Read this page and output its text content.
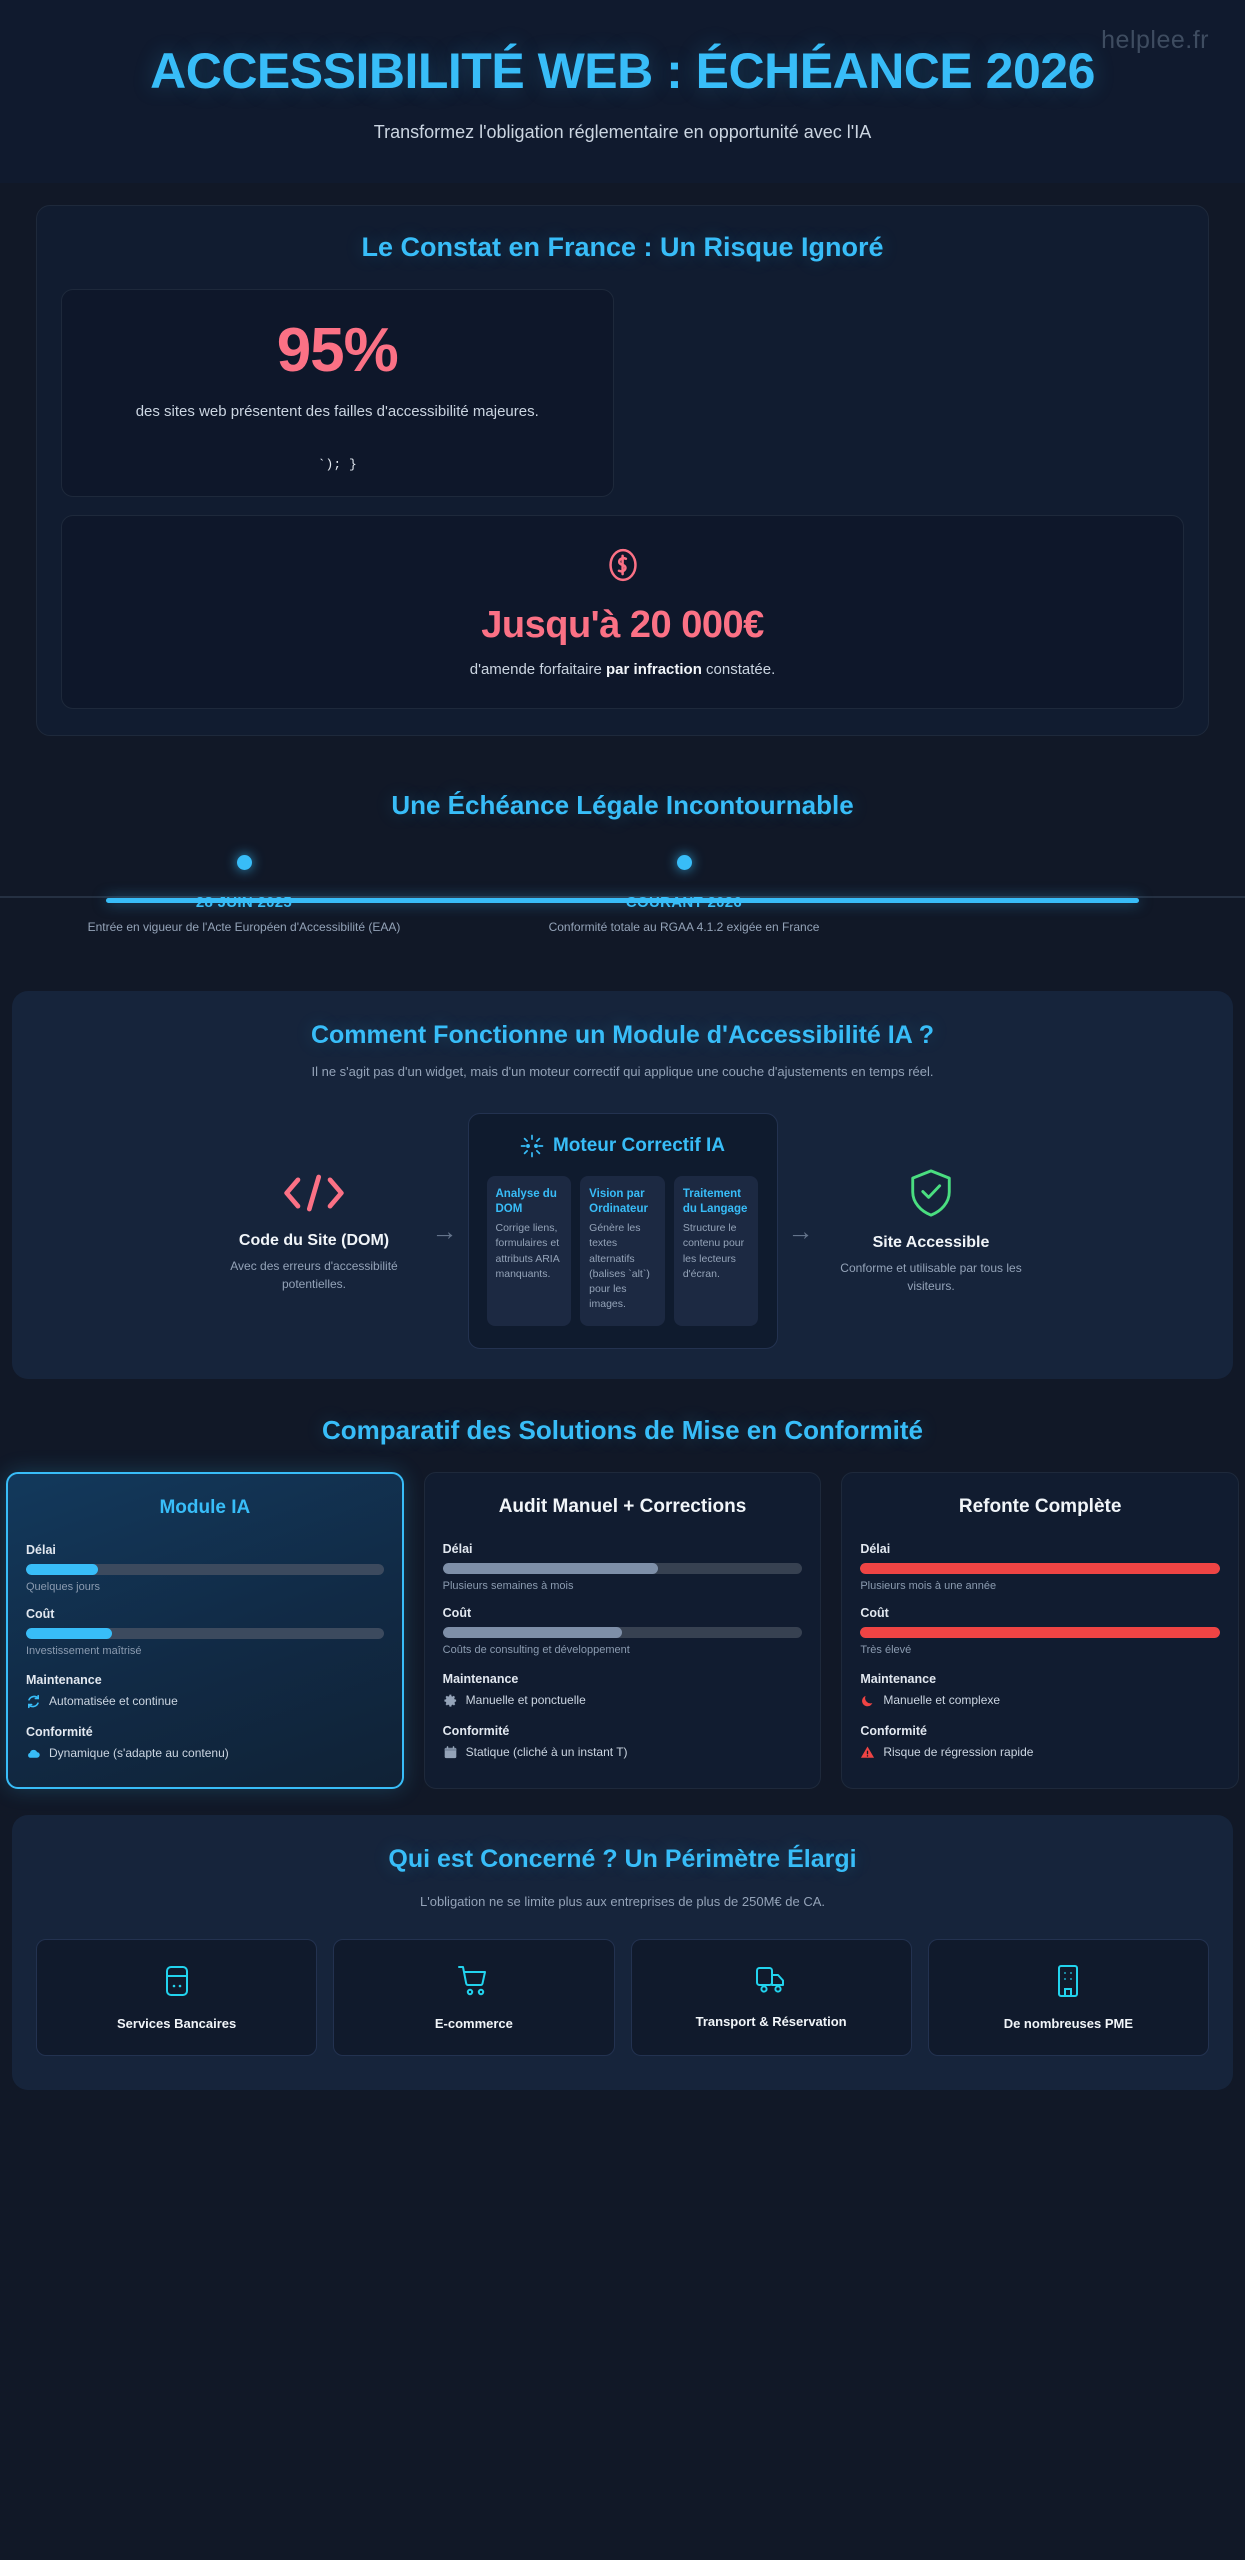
helplee.fr
ACCESSIBILITÉ WEB : ÉCHÉANCE 2026

Transformez l'obligation réglementaire en opportunité avec l'IA

Le Constat en France : Un Risque Ignoré
95%
des sites web présentent des failles d'accessibilité majeures.
`); }
Jusqu'à 20 000€
d'amende forfaitaire par infraction constatée.
Une Échéance Légale Incontournable
28 JUIN 2025
Entrée en vigueur de l'Acte Européen d'Accessibilité (EAA)
COURANT 2026
Conformité totale au RGAA 4.1.2 exigée en France
Comment Fonctionne un Module d'Accessibilité IA ?

Il ne s'agit pas d'un widget, mais d'un moteur correctif qui applique une couche d'ajustements en temps réel.

Code du Site (DOM)

Avec des erreurs d'accessibilité potentielles.

→
Moteur Correctif IA
Analyse du DOM

Corrige liens, formulaires et attributs ARIA manquants.

Vision par Ordinateur

Génère les textes alternatifs (balises `alt`) pour les images.

Traitement du Langage

Structure le contenu pour les lecteurs d'écran.

→	Site Accessible

Conforme et utilisable par tous les visiteurs.

Comparatif des Solutions de Mise en Conformité
Module IA
Délai
Quelques jours
Coût
Investissement maîtrisé
Maintenance
Automatisée et continue
Conformité
Dynamique (s'adapte au contenu)
Audit Manuel + Corrections
Délai
Plusieurs semaines à mois
Coût
Coûts de consulting et développement
Maintenance
Manuelle et ponctuelle
Conformité
Statique (cliché à un instant T)
Refonte Complète
Délai
Plusieurs mois à une année
Coût
Très élevé
Maintenance
Manuelle et complexe
Conformité
Risque de régression rapide
Qui est Concerné ? Un Périmètre Élargi

L'obligation ne se limite plus aux entreprises de plus de 250M€ de CA.

Services Bancaires	E-commerce	Transport & Réservation	De nombreuses PME
